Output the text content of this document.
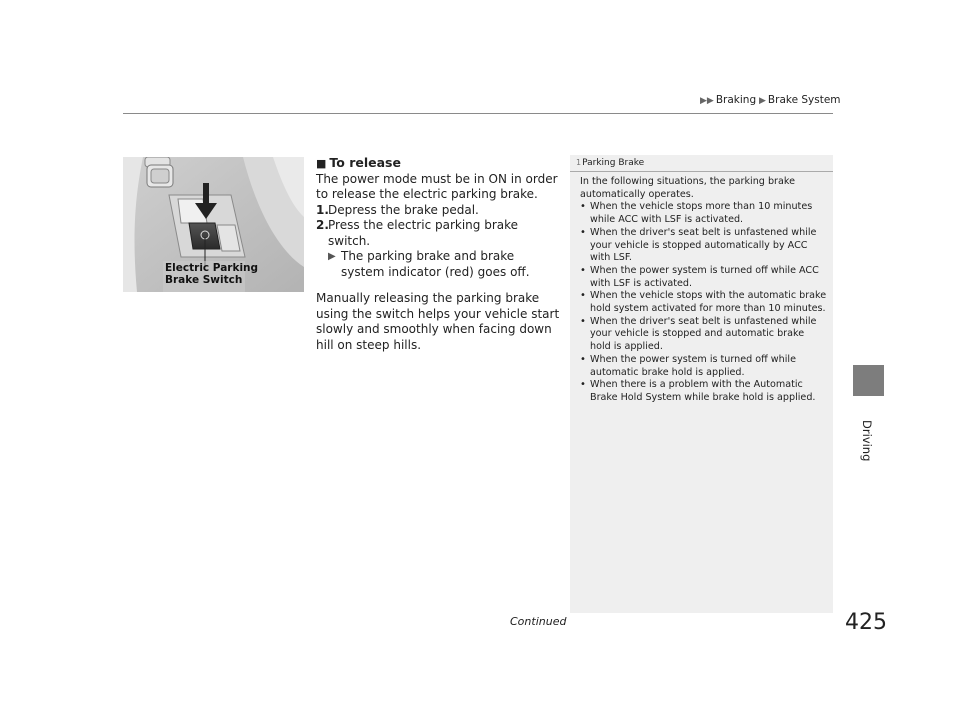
▶▶ Braking ▶ Brake System
Electric Parking
Brake Switch
■ To release

The power mode must be in ON in order to release the electric parking brake.

1. Depress the brake pedal.
2. Press the electric parking brake switch.
▶ The parking brake and brake system indicator (red) goes off.

Manually releasing the parking brake using the switch helps your vehicle start slowly and smoothly when facing down hill on steep hills.

1Parking Brake

In the following situations, the parking brake automatically operates.

• When the vehicle stops more than 10 minutes while ACC with LSF is activated.
• When the driver's seat belt is unfastened while your vehicle is stopped automatically by ACC with LSF.
• When the power system is turned off while ACC with LSF is activated.
• When the vehicle stops with the automatic brake hold system activated for more than 10 minutes.
• When the driver's seat belt is unfastened while your vehicle is stopped and automatic brake hold is applied.
• When the power system is turned off while automatic brake hold is applied.
• When there is a problem with the Automatic Brake Hold System while brake hold is applied.
Driving
Continued	425
